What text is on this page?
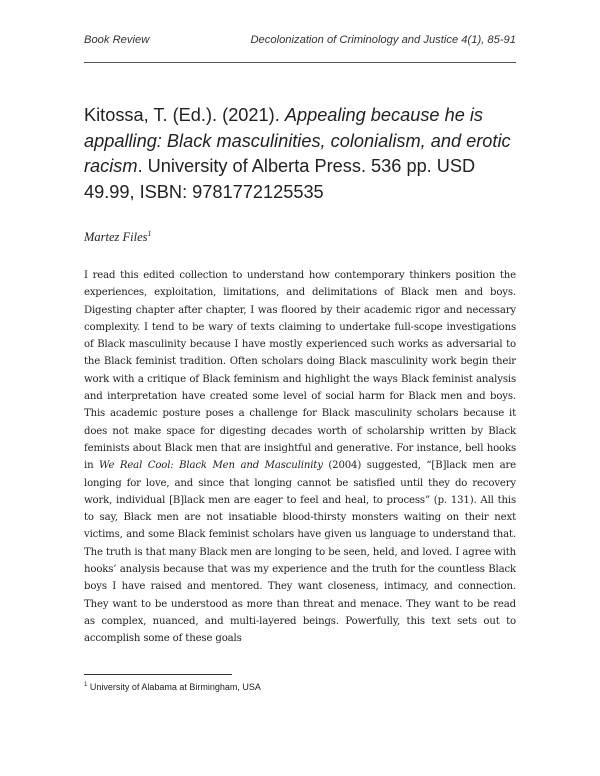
Book Review	Decolonization of Criminology and Justice 4(1), 85-91
Kitossa, T. (Ed.). (2021). Appealing because he is appalling: Black masculinities, colonialism, and erotic racism. University of Alberta Press. 536 pp. USD 49.99, ISBN: 9781772125535
Martez Files$^1$

I read this edited collection to understand how contemporary thinkers position the experiences, exploitation, limitations, and delimitations of Black men and boys. Digesting chapter after chapter, I was floored by their academic rigor and necessary complexity. I tend to be wary of texts claiming to undertake full-scope investigations of Black masculinity because I have mostly experienced such works as adversarial to the Black feminist tradition. Often scholars doing Black masculinity work begin their work with a critique of Black feminism and highlight the ways Black feminist analysis and interpretation have created some level of social harm for Black men and boys. This academic posture poses a challenge for Black masculinity scholars because it does not make space for digesting decades worth of scholarship written by Black feminists about Black men that are insightful and generative. For instance, bell hooks in We Real Cool: Black Men and Masculinity (2004) suggested, “[B]lack men are longing for love, and since that longing cannot be satisfied until they do recovery work, individual [B]lack men are eager to feel and heal, to process” (p. 131). All this to say, Black men are not insatiable blood-thirsty monsters waiting on their next victims, and some Black feminist scholars have given us language to understand that. The truth is that many Black men are longing to be seen, held, and loved. I agree with hooks’ analysis because that was my experience and the truth for the countless Black boys I have raised and mentored. They want closeness, intimacy, and connection. They want to be understood as more than threat and menace. They want to be read as complex, nuanced, and multi-layered beings. Powerfully, this text sets out to accomplish some of these goals

$^1$ University of Alabama at Birmingham, USA
